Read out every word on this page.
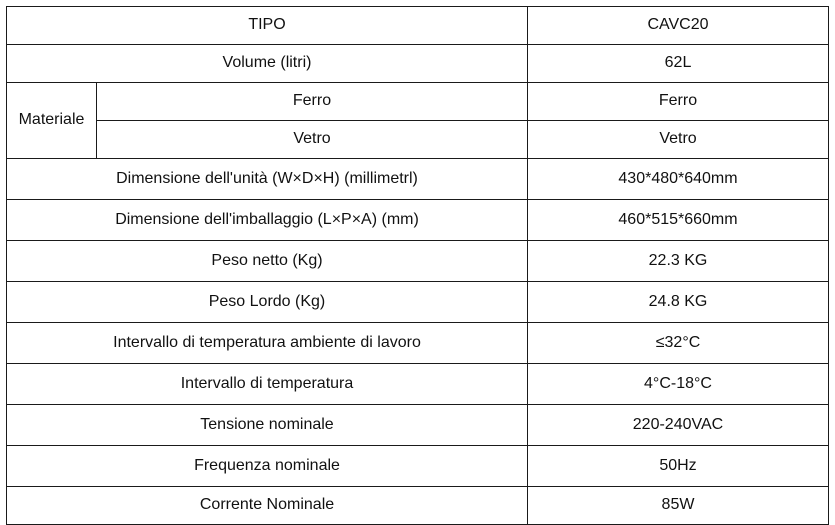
TIPO		CAVC20
Volume (litri)		62L
Materiale	Ferro	Ferro
	Vetro	Vetro
Dimensione dell'unità (W×D×H) (millimetrl)		430*480*640mm
Dimensione dell'imballaggio (L×P×A) (mm)		460*515*660mm
Peso netto (Kg)		22.3 KG
Peso Lordo (Kg)		24.8 KG
Intervallo di temperatura ambiente di lavoro		≤32°C
Intervallo di temperatura		4°C-18°C
Tensione nominale		220-240VAC
Frequenza nominale		50Hz
Corrente Nominale		85W
